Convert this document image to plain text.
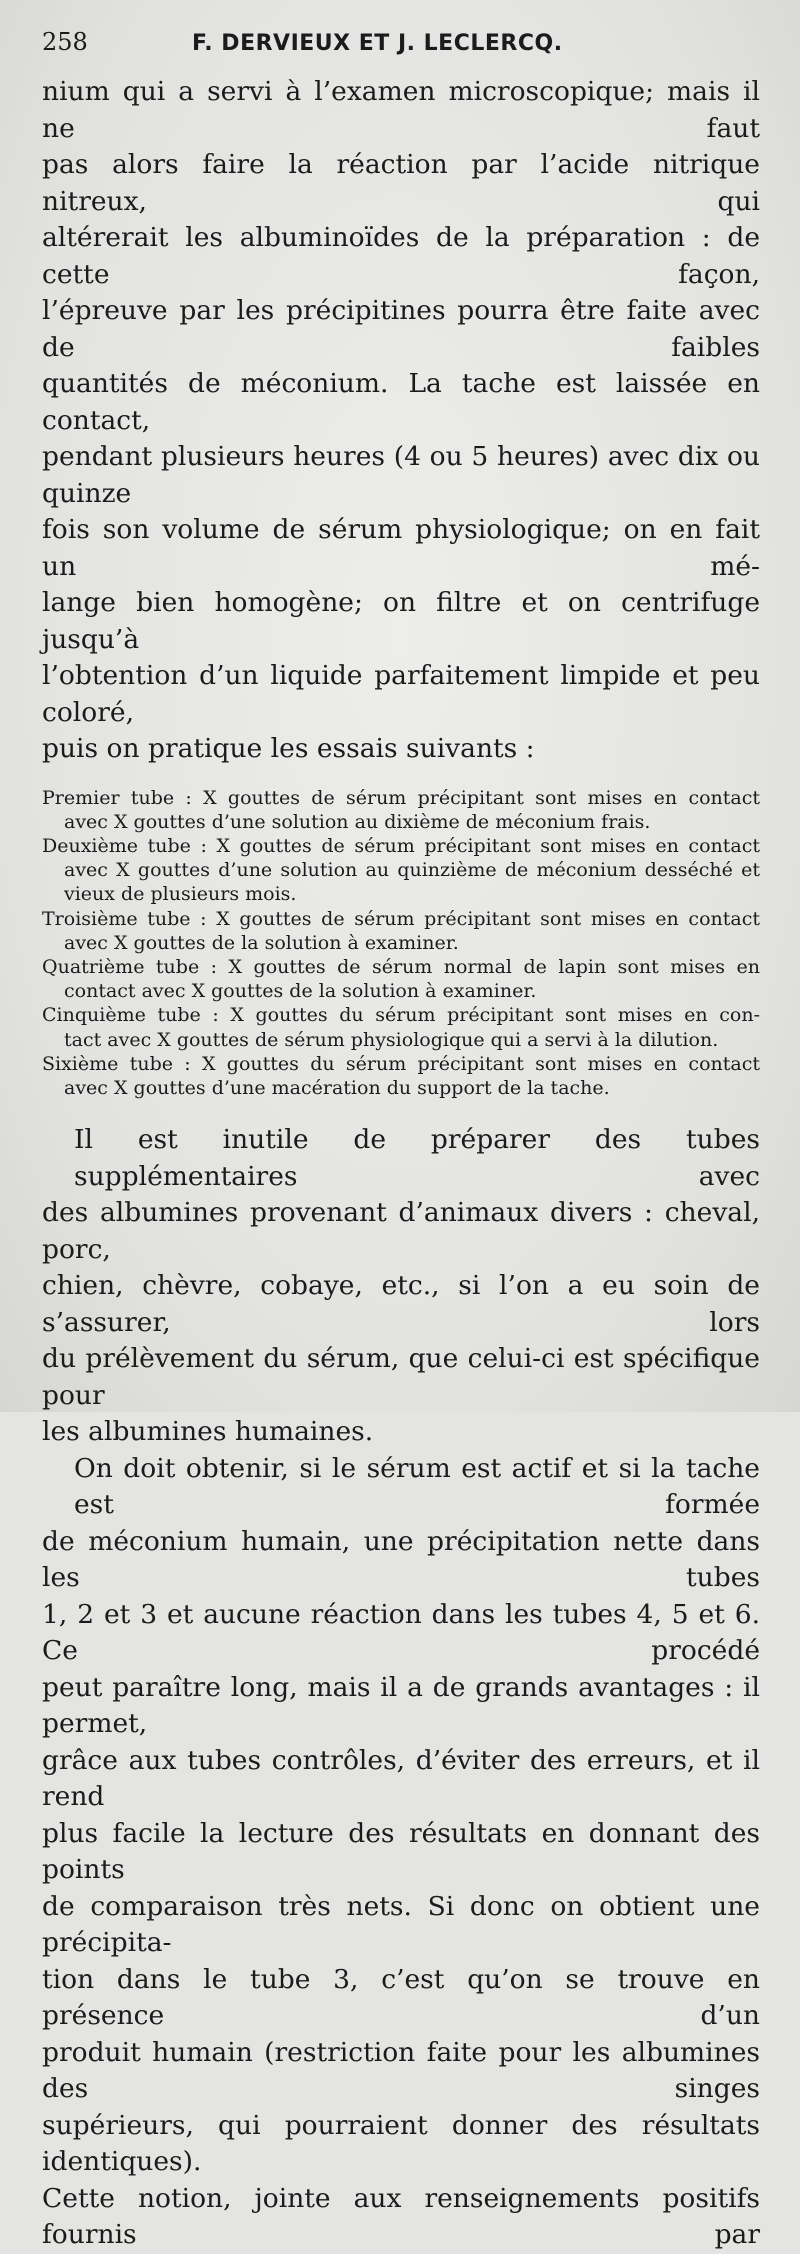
258	F. DERVIEUX ET J. LECLERCQ.

nium qui a servi à l’examen microscopique; mais il ne faut
pas alors faire la réaction par l’acide nitrique nitreux, qui
altérerait les albuminoïdes de la préparation : de cette façon,
l’épreuve par les précipitines pourra être faite avec de faibles
quantités de méconium. La tache est laissée en contact,
pendant plusieurs heures (4 ou 5 heures) avec dix ou quinze
fois son volume de sérum physiologique; on en fait un mé-
lange bien homogène; on filtre et on centrifuge jusqu’à
l’obtention d’un liquide parfaitement limpide et peu coloré,
puis on pratique les essais suivants :

Premier tube : X gouttes de sérum précipitant sont mises en contact
avec X gouttes d’une solution au dixième de méconium frais.
Deuxième tube : X gouttes de sérum précipitant sont mises en contact
avec X gouttes d’une solution au quinzième de méconium desséché et
vieux de plusieurs mois.
Troisième tube : X gouttes de sérum précipitant sont mises en contact
avec X gouttes de la solution à examiner.
Quatrième tube : X gouttes de sérum normal de lapin sont mises en
contact avec X gouttes de la solution à examiner.
Cinquième tube : X gouttes du sérum précipitant sont mises en con-
tact avec X gouttes de sérum physiologique qui a servi à la dilution.
Sixième tube : X gouttes du sérum précipitant sont mises en contact
avec X gouttes d’une macération du support de la tache.

Il est inutile de préparer des tubes supplémentaires avec
des albumines provenant d’animaux divers : cheval, porc,
chien, chèvre, cobaye, etc., si l’on a eu soin de s’assurer, lors
du prélèvement du sérum, que celui-ci est spécifique pour
les albumines humaines.

On doit obtenir, si le sérum est actif et si la tache est formée
de méconium humain, une précipitation nette dans les tubes
1, 2 et 3 et aucune réaction dans les tubes 4, 5 et 6. Ce procédé
peut paraître long, mais il a de grands avantages : il permet,
grâce aux tubes contrôles, d’éviter des erreurs, et il rend
plus facile la lecture des résultats en donnant des points
de comparaison très nets. Si donc on obtient une précipita-
tion dans le tube 3, c’est qu’on se trouve en présence d’un
produit humain (restriction faite pour les albumines des singes
supérieurs, qui pourraient donner des résultats identiques).
Cette notion, jointe aux renseignements positifs fournis par
